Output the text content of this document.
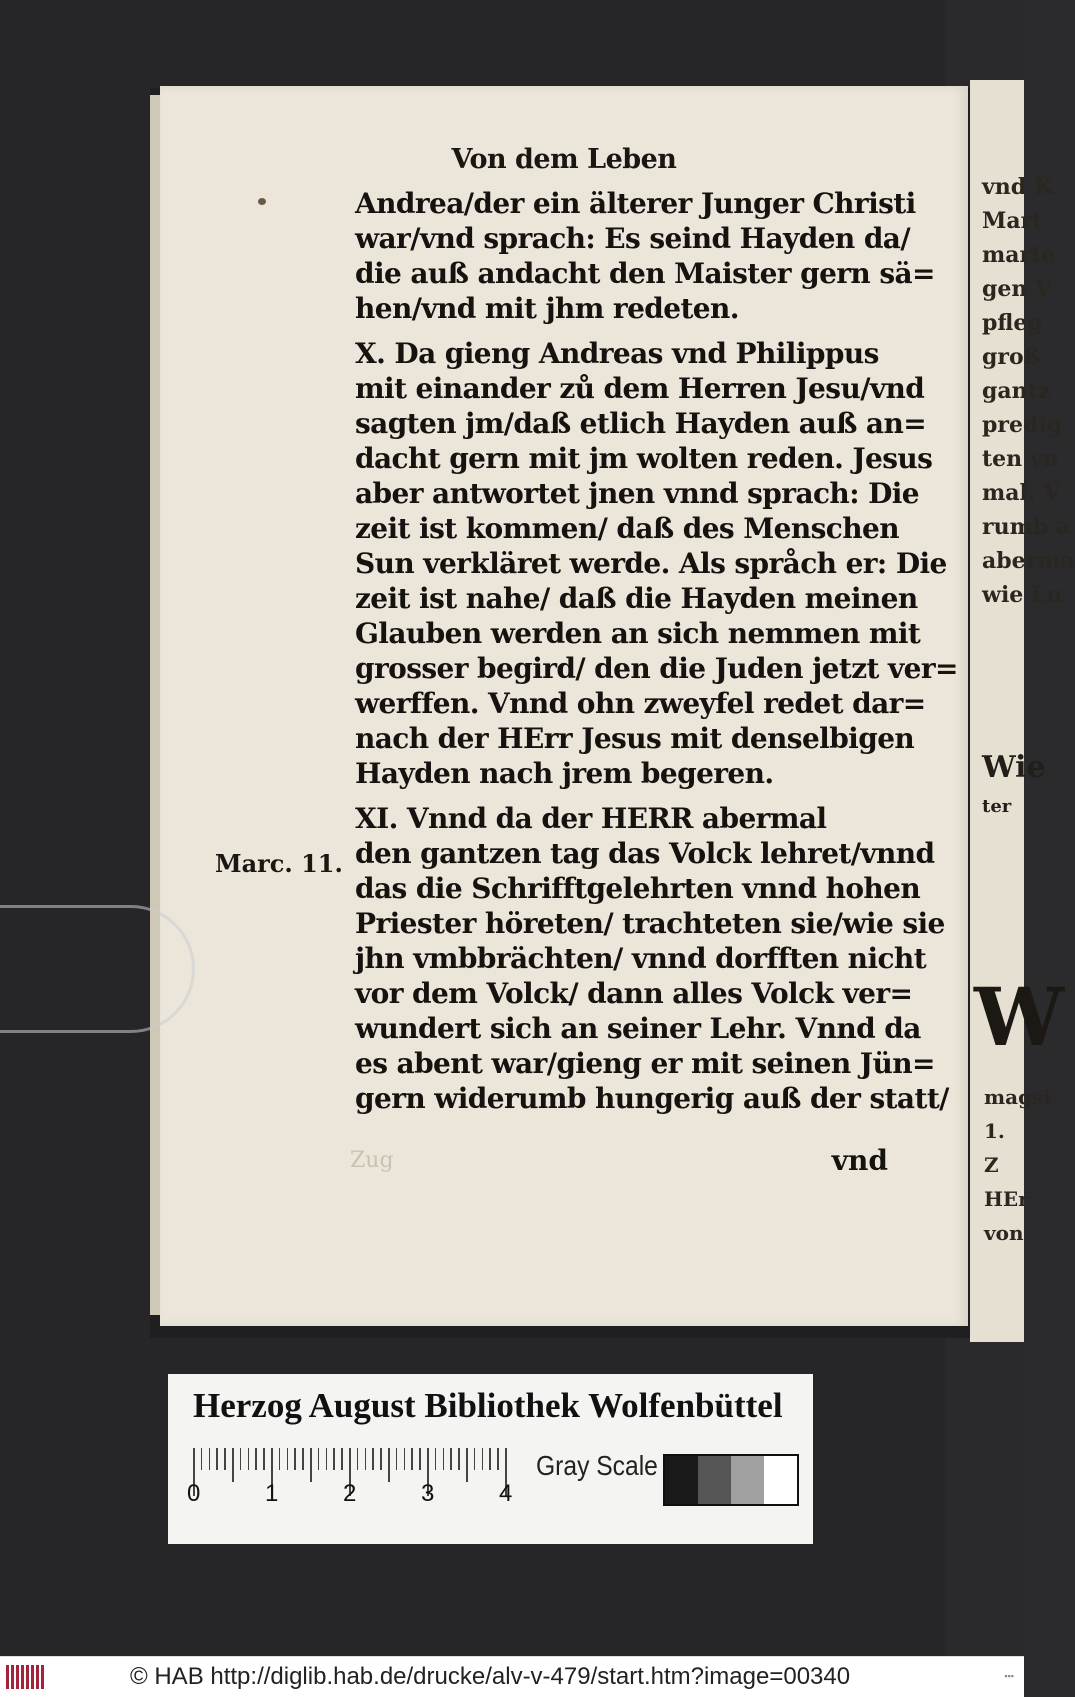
Von dem Leben
Andrea/der ein älterer Junger Christi
war/vnd sprach: Es seind Hayden da/
die auß andacht den Maister gern sä=
hen/vnd mit jhm redeten.
X. Da gieng Andreas vnd Philippus
mit einander zů dem Herren Jesu/vnd
sagten jm/daß etlich Hayden auß an=
dacht gern mit jm wolten reden. Jesus
aber antwortet jnen vnnd sprach: Die
zeit ist kommen/ daß des Menschen
Sun verkläret werde. Als språch er: Die
zeit ist nahe/ daß die Hayden meinen
Glauben werden an sich nemmen mit
grosser begird/ den die Juden jetzt ver=
werffen. Vnnd ohn zweyfel redet dar=
nach der HErr Jesus mit denselbigen
Hayden nach jrem begeren.
XI. Vnnd da der HERR abermal
den gantzen tag das Volck lehret/vnnd
das die Schrifftgelehrten vnnd hohen
Priester höreten/ trachteten sie/wie sie
jhn vmbbrächten/ vnnd dorfften nicht
vor dem Volck/ dann alles Volck ver=
wundert sich an seiner Lehr. Vnnd da
es abent war/gieng er mit seinen Jün=
gern widerumb hungerig auß der statt/
Marc. 11.
Zug	vnd
vnd K
Mart
marte
gen V
pfleg
groß
gantz
predig
ten vn
mal. V
rumb a
aberma
wie Lu
Wie
ter
W
magsi
1. Z
HEr
von
Herzog August Bibliothek Wolfenbüttel
0	1	2	3	4
Gray Scale
© HAB http://diglib.hab.de/drucke/alv-v-479/start.htm?image=00340	▪▪▪
